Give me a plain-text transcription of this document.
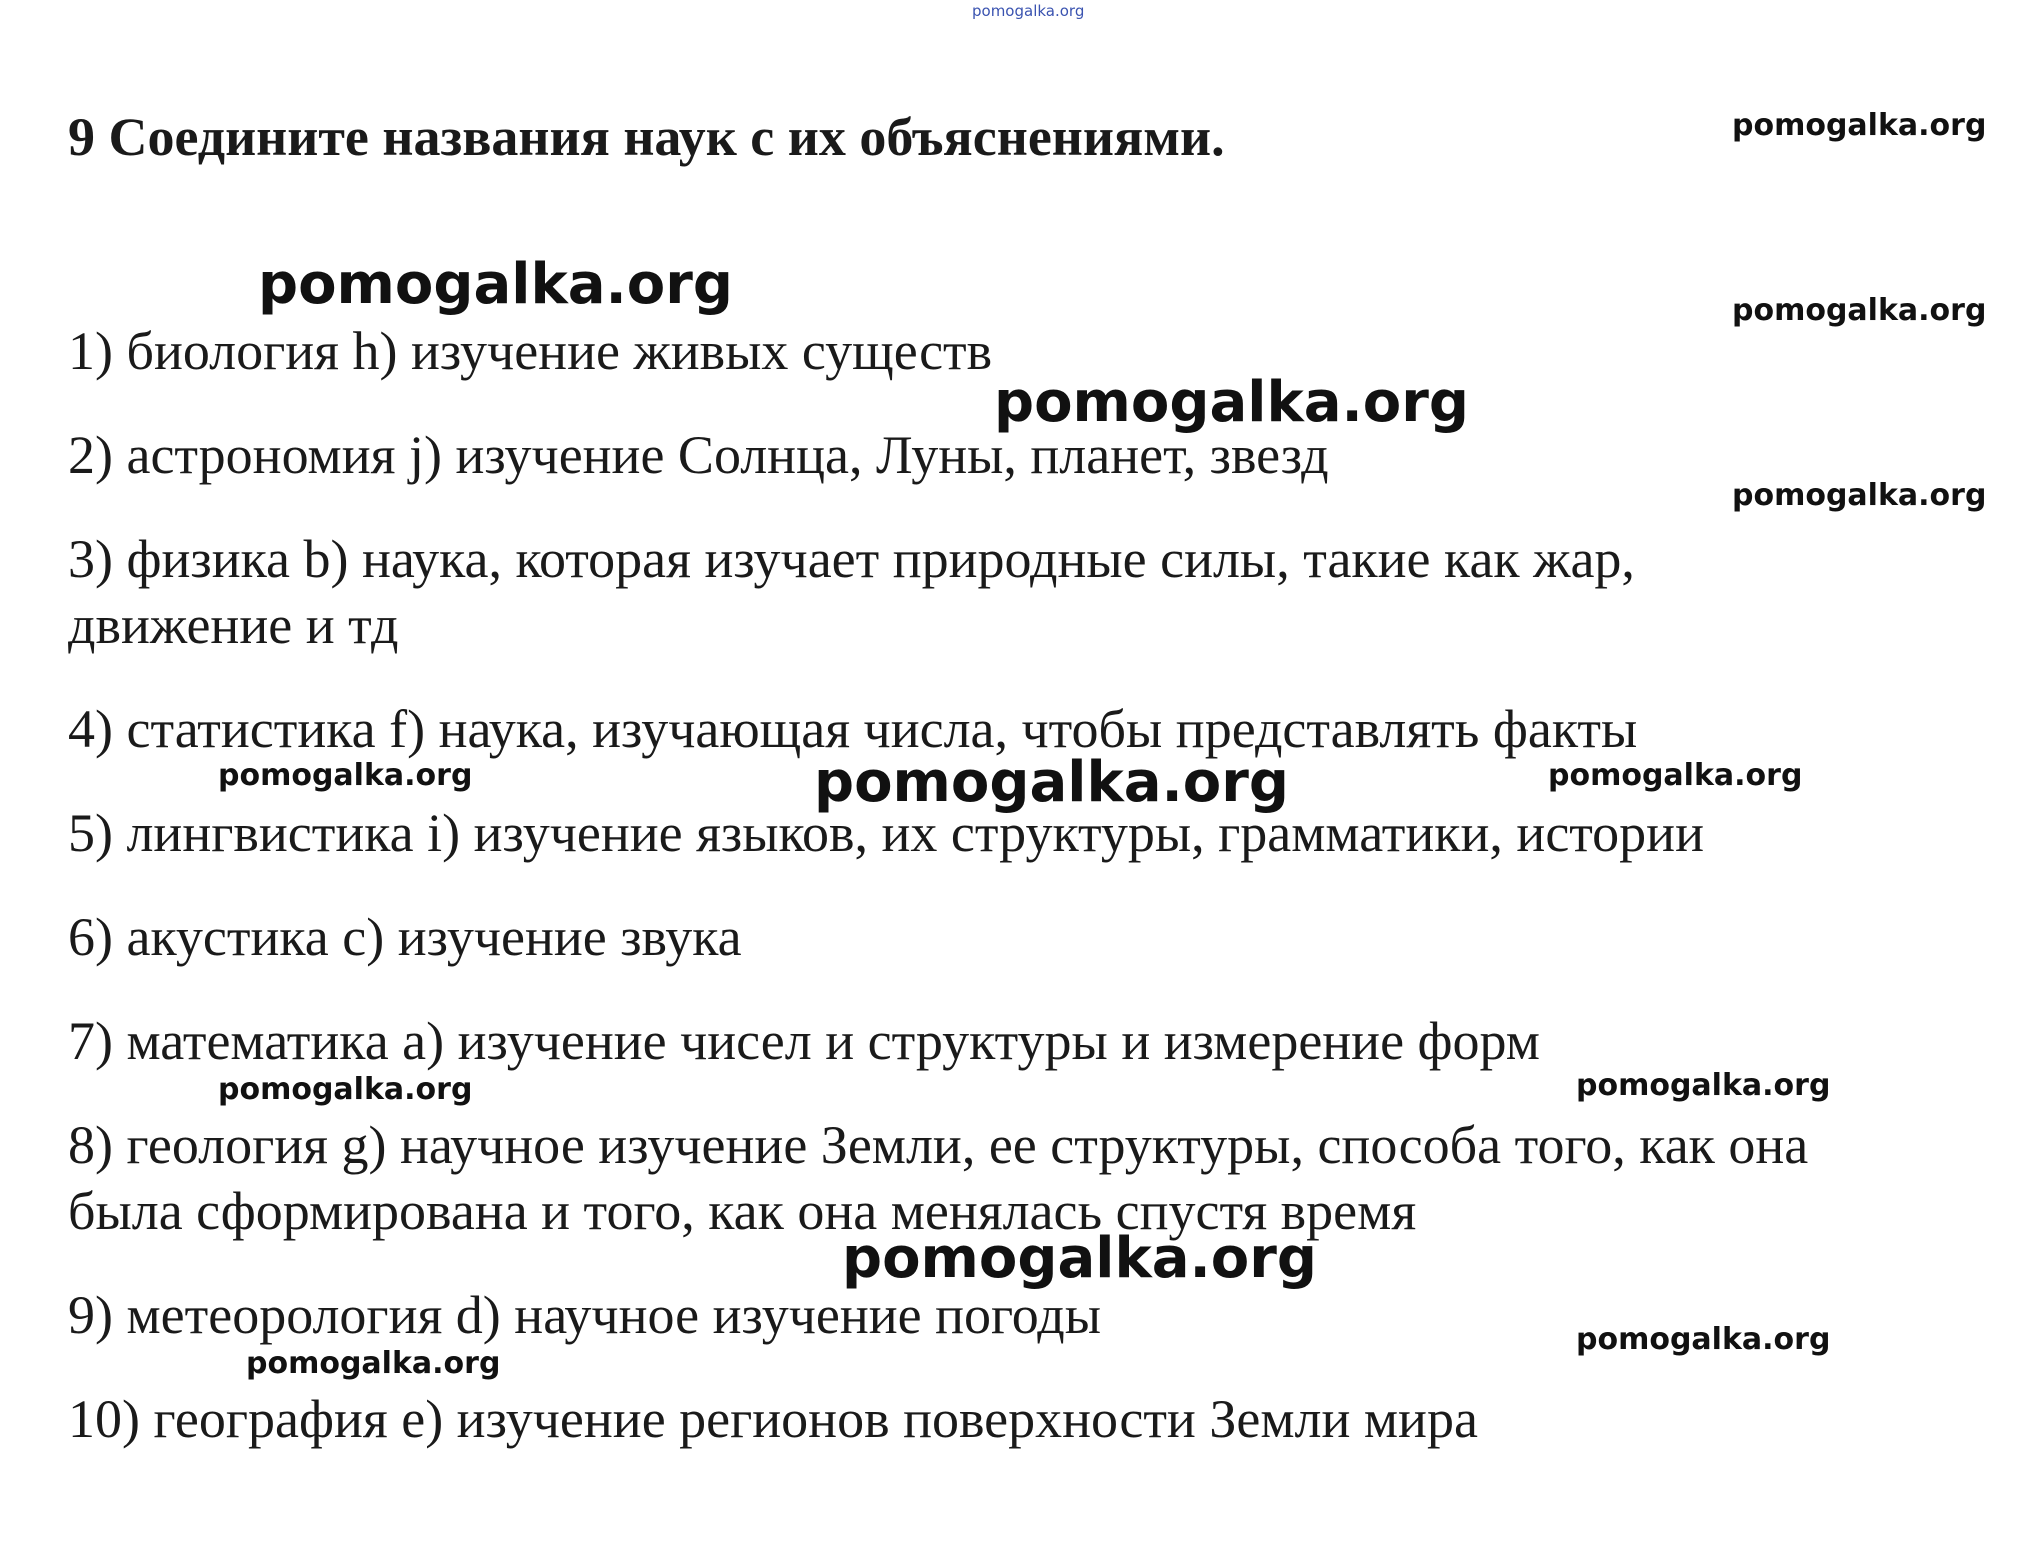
pomogalka.org
9 Соедините названия наук с их объяснениями.
1) биология h) изучение живых существ
2) астрономия j) изучение Солнца, Луны, планет, звезд
3) физика b) наука, которая изучает природные силы, такие как жар,
движение и тд
4) статистика f) наука, изучающая числа, чтобы представлять факты
5) лингвистика i) изучение языков, их структуры, грамматики, истории
6) акустика c) изучение звука
7) математика a) изучение чисел и структуры и измерение форм
8) геология g) научное изучение Земли, ее структуры, способа того, как она
была сформирована и того, как она менялась спустя время
9) метеорология d) научное изучение погоды
10) география e) изучение регионов поверхности Земли мира
pomogalka.org
pomogalka.org
pomogalka.org
pomogalka.org
pomogalka.org
pomogalka.org
pomogalka.org
pomogalka.org	pomogalka.org
pomogalka.org	pomogalka.org
pomogalka.org
pomogalka.org
